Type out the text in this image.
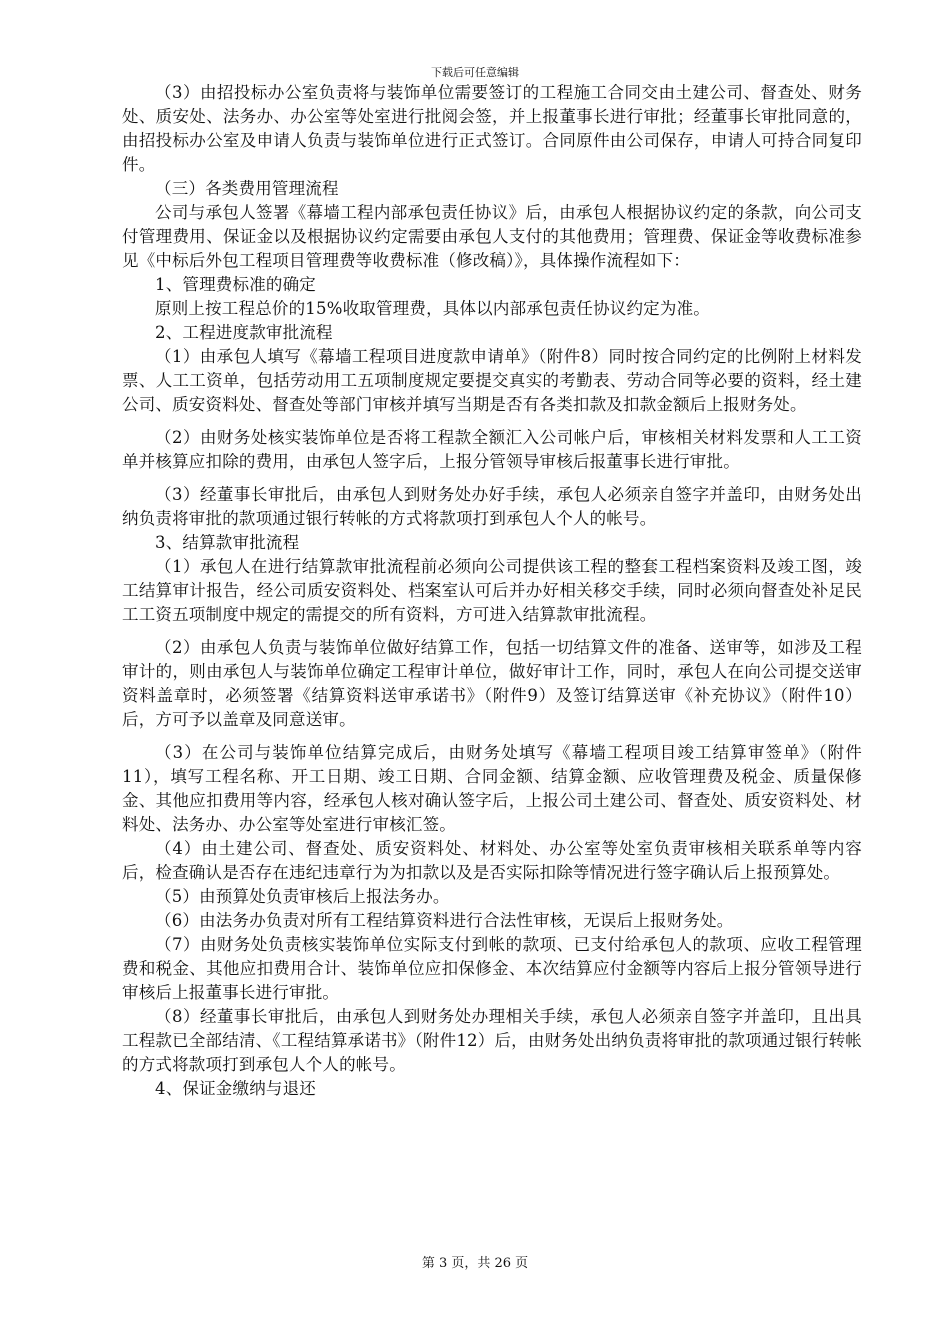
下载后可任意编辑

（3）由招投标办公室负责将与装饰单位需要签订的工程施工合同交由土建公司、督查处、财务处、质安处、法务办、办公室等处室进行批阅会签，并上报董事长进行审批；经董事长审批同意的，由招投标办公室及申请人负责与装饰单位进行正式签订。合同原件由公司保存，申请人可持合同复印件。

（三）各类费用管理流程

公司与承包人签署《幕墙工程内部承包责任协议》后，由承包人根据协议约定的条款，向公司支付管理费用、保证金以及根据协议约定需要由承包人支付的其他费用；管理费、保证金等收费标准参见《中标后外包工程项目管理费等收费标准（修改稿）》，具体操作流程如下：

1、管理费标准的确定

原则上按工程总价的15%收取管理费，具体以内部承包责任协议约定为准。

2、工程进度款审批流程

（1）由承包人填写《幕墙工程项目进度款申请单》（附件8）同时按合同约定的比例附上材料发票、人工工资单，包括劳动用工五项制度规定要提交真实的考勤表、劳动合同等必要的资料，经土建公司、质安资料处、督查处等部门审核并填写当期是否有各类扣款及扣款金额后上报财务处。

（2）由财务处核实装饰单位是否将工程款全额汇入公司帐户后，审核相关材料发票和人工工资单并核算应扣除的费用，由承包人签字后，上报分管领导审核后报董事长进行审批。

（3）经董事长审批后，由承包人到财务处办好手续，承包人必须亲自签字并盖印，由财务处出纳负责将审批的款项通过银行转帐的方式将款项打到承包人个人的帐号。

3、结算款审批流程

（1）承包人在进行结算款审批流程前必须向公司提供该工程的整套工程档案资料及竣工图，竣工结算审计报告，经公司质安资料处、档案室认可后并办好相关移交手续，同时必须向督查处补足民工工资五项制度中规定的需提交的所有资料，方可进入结算款审批流程。

（2）由承包人负责与装饰单位做好结算工作，包括一切结算文件的准备、送审等，如涉及工程审计的，则由承包人与装饰单位确定工程审计单位，做好审计工作，同时，承包人在向公司提交送审资料盖章时，必须签署《结算资料送审承诺书》（附件9）及签订结算送审《补充协议》（附件10）后，方可予以盖章及同意送审。

（3）在公司与装饰单位结算完成后，由财务处填写《幕墙工程项目竣工结算审签单》（附件11），填写工程名称、开工日期、竣工日期、合同金额、结算金额、应收管理费及税金、质量保修金、其他应扣费用等内容，经承包人核对确认签字后，上报公司土建公司、督查处、质安资料处、材料处、法务办、办公室等处室进行审核汇签。

（4）由土建公司、督查处、质安资料处、材料处、办公室等处室负责审核相关联系单等内容后，检查确认是否存在违纪违章行为为扣款以及是否实际扣除等情况进行签字确认后上报预算处。

（5）由预算处负责审核后上报法务办。

（6）由法务办负责对所有工程结算资料进行合法性审核，无误后上报财务处。

（7）由财务处负责核实装饰单位实际支付到帐的款项、已支付给承包人的款项、应收工程管理费和税金、其他应扣费用合计、装饰单位应扣保修金、本次结算应付金额等内容后上报分管领导进行审核后上报董事长进行审批。

（8）经董事长审批后，由承包人到财务处办理相关手续，承包人必须亲自签字并盖印，且出具工程款已全部结清、《工程结算承诺书》（附件12）后，由财务处出纳负责将审批的款项通过银行转帐的方式将款项打到承包人个人的帐号。

4、保证金缴纳与退还

第 3 页，共 26 页
